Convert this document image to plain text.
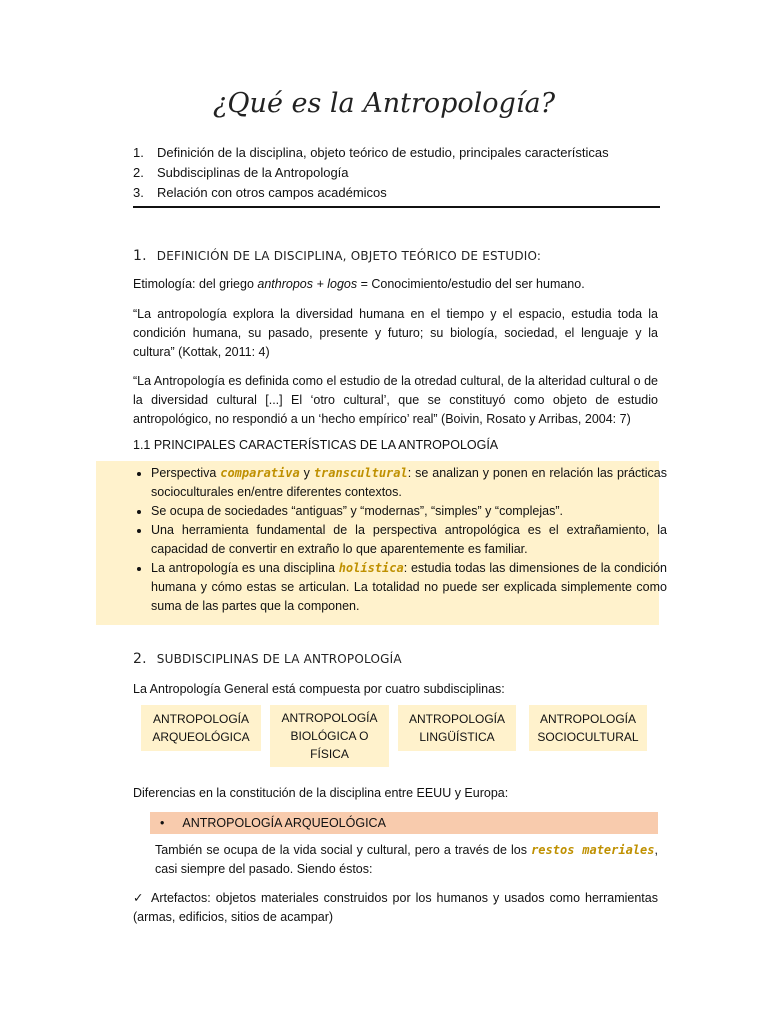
¿Qué es la Antropología?
1. Definición de la disciplina, objeto teórico de estudio, principales características
2. Subdisciplinas de la Antropología
3. Relación con otros campos académicos
1. DEFINICIÓN DE LA DISCIPLINA, OBJETO TEÓRICO DE ESTUDIO:
Etimología: del griego anthropos + logos = Conocimiento/estudio del ser humano.
“La antropología explora la diversidad humana en el tiempo y el espacio, estudia toda la condición humana, su pasado, presente y futuro; su biología, sociedad, el lenguaje y la cultura” (Kottak, 2011: 4)
“La Antropología es definida como el estudio de la otredad cultural, de la alteridad cultural o de la diversidad cultural [...] El ‘otro cultural’, que se constituyó como objeto de estudio antropológico, no respondió a un ‘hecho empírico’ real” (Boivin, Rosato y Arribas, 2004: 7)
1.1 PRINCIPALES CARACTERÍSTICAS DE LA ANTROPOLOGÍA
• Perspectiva comparativa y transcultural: se analizan y ponen en relación las prácticas socioculturales en/entre diferentes contextos.
• Se ocupa de sociedades “antiguas” y “modernas”, “simples” y “complejas”.
• Una herramienta fundamental de la perspectiva antropológica es el extrañamiento, la capacidad de convertir en extraño lo que aparentemente es familiar.
• La antropología es una disciplina holística: estudia todas las dimensiones de la condición humana y cómo estas se articulan. La totalidad no puede ser explicada simplemente como suma de las partes que la componen.
2. SUBDISCIPLINAS DE LA ANTROPOLOGÍA
La Antropología General está compuesta por cuatro subdisciplinas:
ANTROPOLOGÍA ARQUEOLÓGICA
ANTROPOLOGÍA BIOLÓGICA O FÍSICA
ANTROPOLOGÍA LINGÜÍSTICA
ANTROPOLOGÍA SOCIOCULTURAL
Diferencias en la constitución de la disciplina entre EEUU y Europa:
• ANTROPOLOGÍA ARQUEOLÓGICA
También se ocupa de la vida social y cultural, pero a través de los restos materiales, casi siempre del pasado. Siendo éstos:
✓ Artefactos: objetos materiales construidos por los humanos y usados como herramientas (armas, edificios, sitios de acampar)
